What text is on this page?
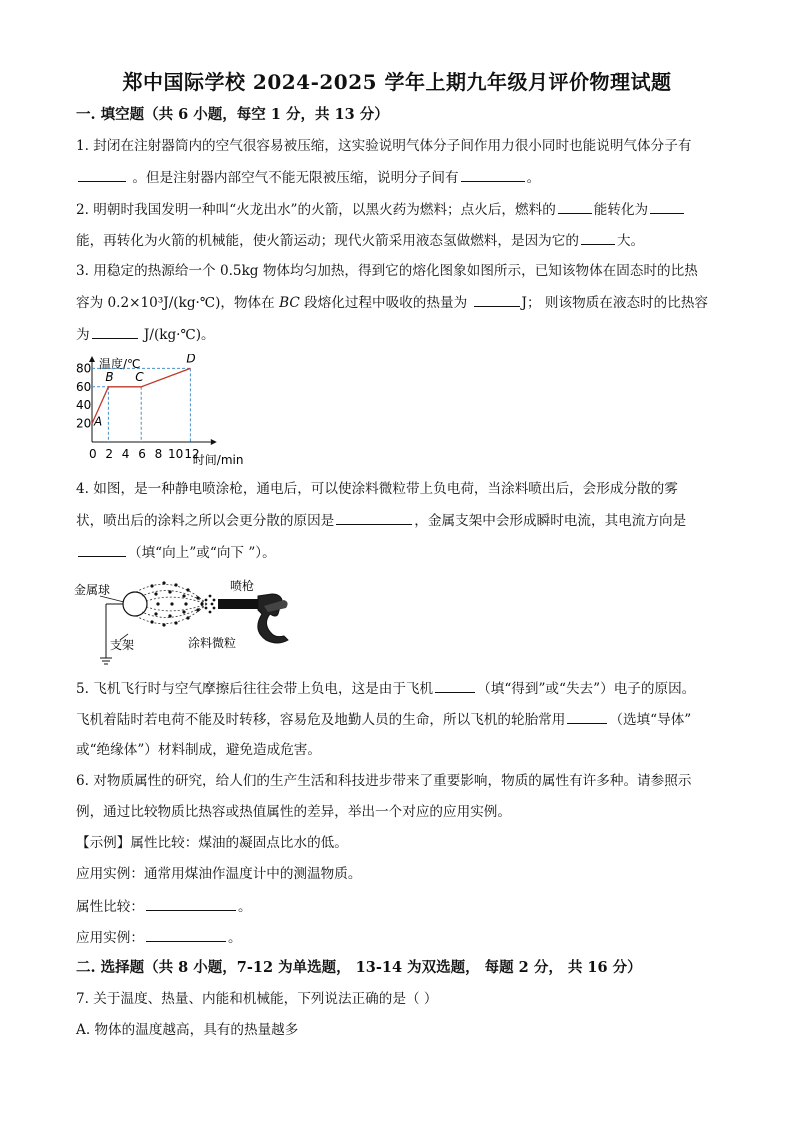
郑中国际学校 2024-2025 学年上期九年级月评价物理试题
一. 填空题（共 6 小题，每空 1 分，共 13 分）
1. 封闭在注射器筒内的空气很容易被压缩，这实验说明气体分子间作用力很小同时也能说明气体分子有
。但是注射器内部空气不能无限被压缩，说明分子间有	。
2. 明朝时我国发明一种叫“火龙出水”的火箭，以黑火药为燃料；点火后，燃料的	能转化为
能，再转化为火箭的机械能，使火箭运动；现代火箭采用液态氢做燃料，是因为它的	大。
3. 用稳定的热源给一个 0.5kg 物体均匀加热，得到它的熔化图象如图所示，已知该物体在固态时的比热
容为 0.2×10³J/(kg·℃)，物体在 BC 段熔化过程中吸收的热量为	J； 则该物质在液态时的比热容
为	J/(kg·℃)。
温度/℃
时间/min
0 2 4 6 8 10 12
20
40
60
80
A
B C
D
4. 如图，是一种静电喷涂枪，通电后，可以使涂料微粒带上负电荷，当涂料喷出后，会形成分散的雾
状，喷出后的涂料之所以会更分散的原因是	，金属支架中会形成瞬时电流，其电流方向是
（填“向上”或“向下 ”）。
金属球	喷枪
支架	涂料微粒
5. 飞机飞行时与空气摩擦后往往会带上负电，这是由于飞机	（填“得到”或“失去”）电子的原因。
飞机着陆时若电荷不能及时转移，容易危及地勤人员的生命，所以飞机的轮胎常用	（选填“导体”
或“绝缘体”）材料制成，避免造成危害。
6. 对物质属性的研究，给人们的生产生活和科技进步带来了重要影响，物质的属性有许多种。请参照示
例，通过比较物质比热容或热值属性的差异，举出一个对应的应用实例。
【示例】属性比较：煤油的凝固点比水的低。
应用实例：通常用煤油作温度计中的测温物质。
属性比较：	。
应用实例：	。
二. 选择题（共 8 小题，7-12 为单选题， 13-14 为双选题， 每题 2 分， 共 16 分）
7. 关于温度、热量、内能和机械能，下列说法正确的是（ ）
A. 物体的温度越高，具有的热量越多
